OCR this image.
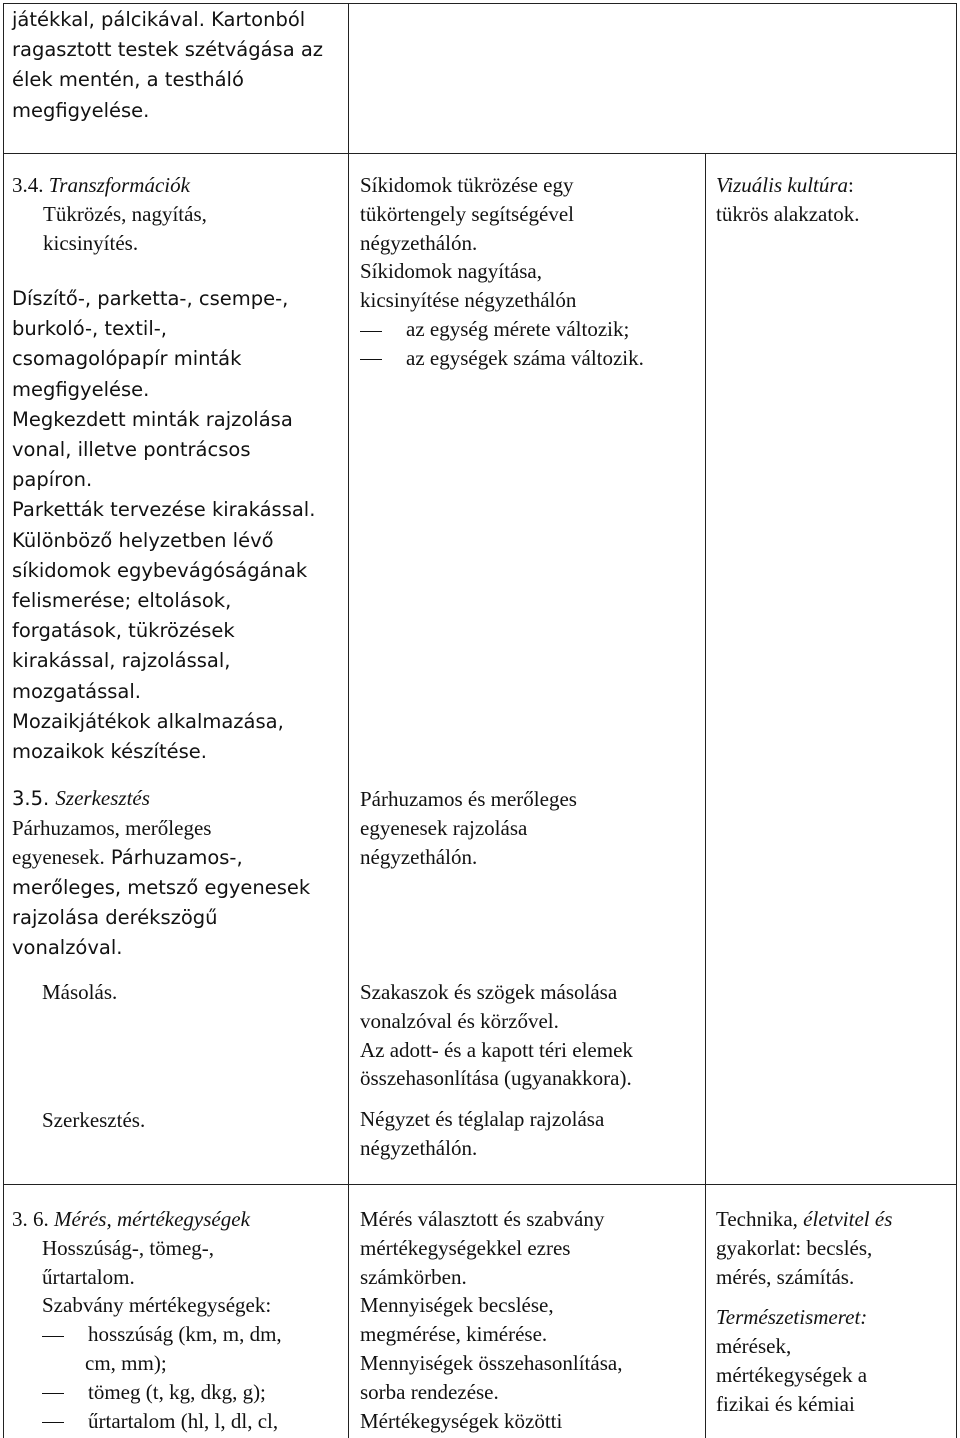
játékkal, pálcikával. Kartonból
ragasztott testek szétvágása az
élek mentén, a testháló
megfigyelése.
3.4. Transzformációk
Tükrözés, nagyítás,
kicsinyítés.
Díszítő-, parketta-, csempe-,
burkoló-, textil-,
csomagolópapír minták
megfigyelése.
Megkezdett minták rajzolása
vonal, illetve pontrácsos
papíron.
Parketták tervezése kirakással.
Különböző helyzetben lévő
síkidomok egybevágóságának
felismerése; eltolások,
forgatások, tükrözések
kirakással, rajzolással,
mozgatással.
Mozaikjátékok alkalmazása,
mozaikok készítése.
3.5. Szerkesztés
Párhuzamos, merőleges
egyenesek. Párhuzamos-,
merőleges, metsző egyenesek
rajzolása derékszögű
vonalzóval.
Másolás.
Szerkesztés.
Síkidomok tükrözése egy
tükörtengely segítségével
négyzethálón.
Síkidomok nagyítása,
kicsinyítése négyzethálón
az egység mérete változik;
az egységek száma változik.
Párhuzamos és merőleges
egyenesek rajzolása
négyzethálón.
Szakaszok és szögek másolása
vonalzóval és körzővel.
Az adott- és a kapott téri elemek
összehasonlítása (ugyanakkora).
Négyzet és téglalap rajzolása
négyzethálón.
Vizuális kultúra:
tükrös alakzatok.
3. 6. Mérés, mértékegységek
Hosszúság-, tömeg-,
űrtartalom.
Szabvány mértékegységek:
hosszúság (km, m, dm,
cm, mm);
tömeg (t, kg, dkg, g);
űrtartalom (hl, l, dl, cl,
Mérés választott és szabvány
mértékegységekkel ezres
számkörben.
Mennyiségek becslése,
megmérése, kimérése.
Mennyiségek összehasonlítása,
sorba rendezése.
Mértékegységek közötti
Technika, életvitel és
gyakorlat: becslés,
mérés, számítás.
Természetismeret:
mérések,
mértékegységek a
fizikai és kémiai
